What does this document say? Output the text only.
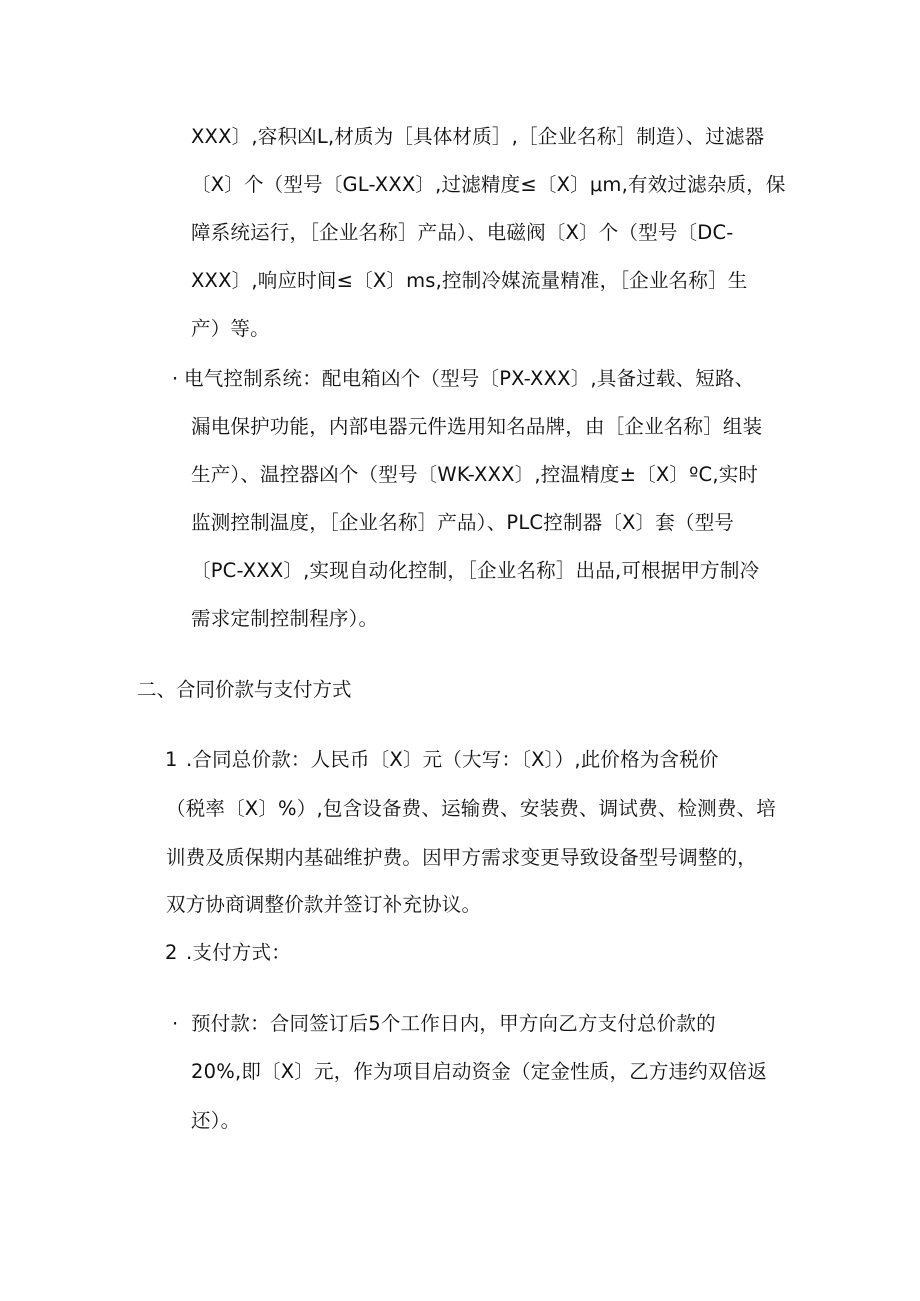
XXX〕,容积凶L,材质为［具体材质］,［企业名称］制造）、过滤器
〔X〕个（型号〔GL-XXX〕,过滤精度≤〔X〕μm,有效过滤杂质，保
障系统运行，［企业名称］产品）、电磁阀〔X〕个（型号〔DC-
XXX〕,响应时间≤〔X〕ms,控制冷媒流量精准，［企业名称］生
产）等。
· 电气控制系统：配电箱凶个（型号〔PX-XXX〕,具备过载、短路、
漏电保护功能，内部电器元件选用知名品牌，由［企业名称］组装
生产）、温控器凶个（型号〔WK-XXX〕,控温精度±〔X〕ºC,实时
监测控制温度，［企业名称］产品）、PLC控制器〔X〕套（型号
〔PC-XXX〕,实现自动化控制，［企业名称］出品,可根据甲方制冷
需求定制控制程序）。
二、合同价款与支付方式
1 .合同总价款：人民币〔X〕元（大写：〔X〕）,此价格为含税价
（税率〔X〕%）,包含设备费、运输费、安装费、调试费、检测费、培
训费及质保期内基础维护费。因甲方需求变更导致设备型号调整的，
双方协商调整价款并签订补充协议。
2 .支付方式：
· 预付款：合同签订后5个工作日内，甲方向乙方支付总价款的
20%,即〔X〕元，作为项目启动资金（定金性质，乙方违约双倍返
还）。
